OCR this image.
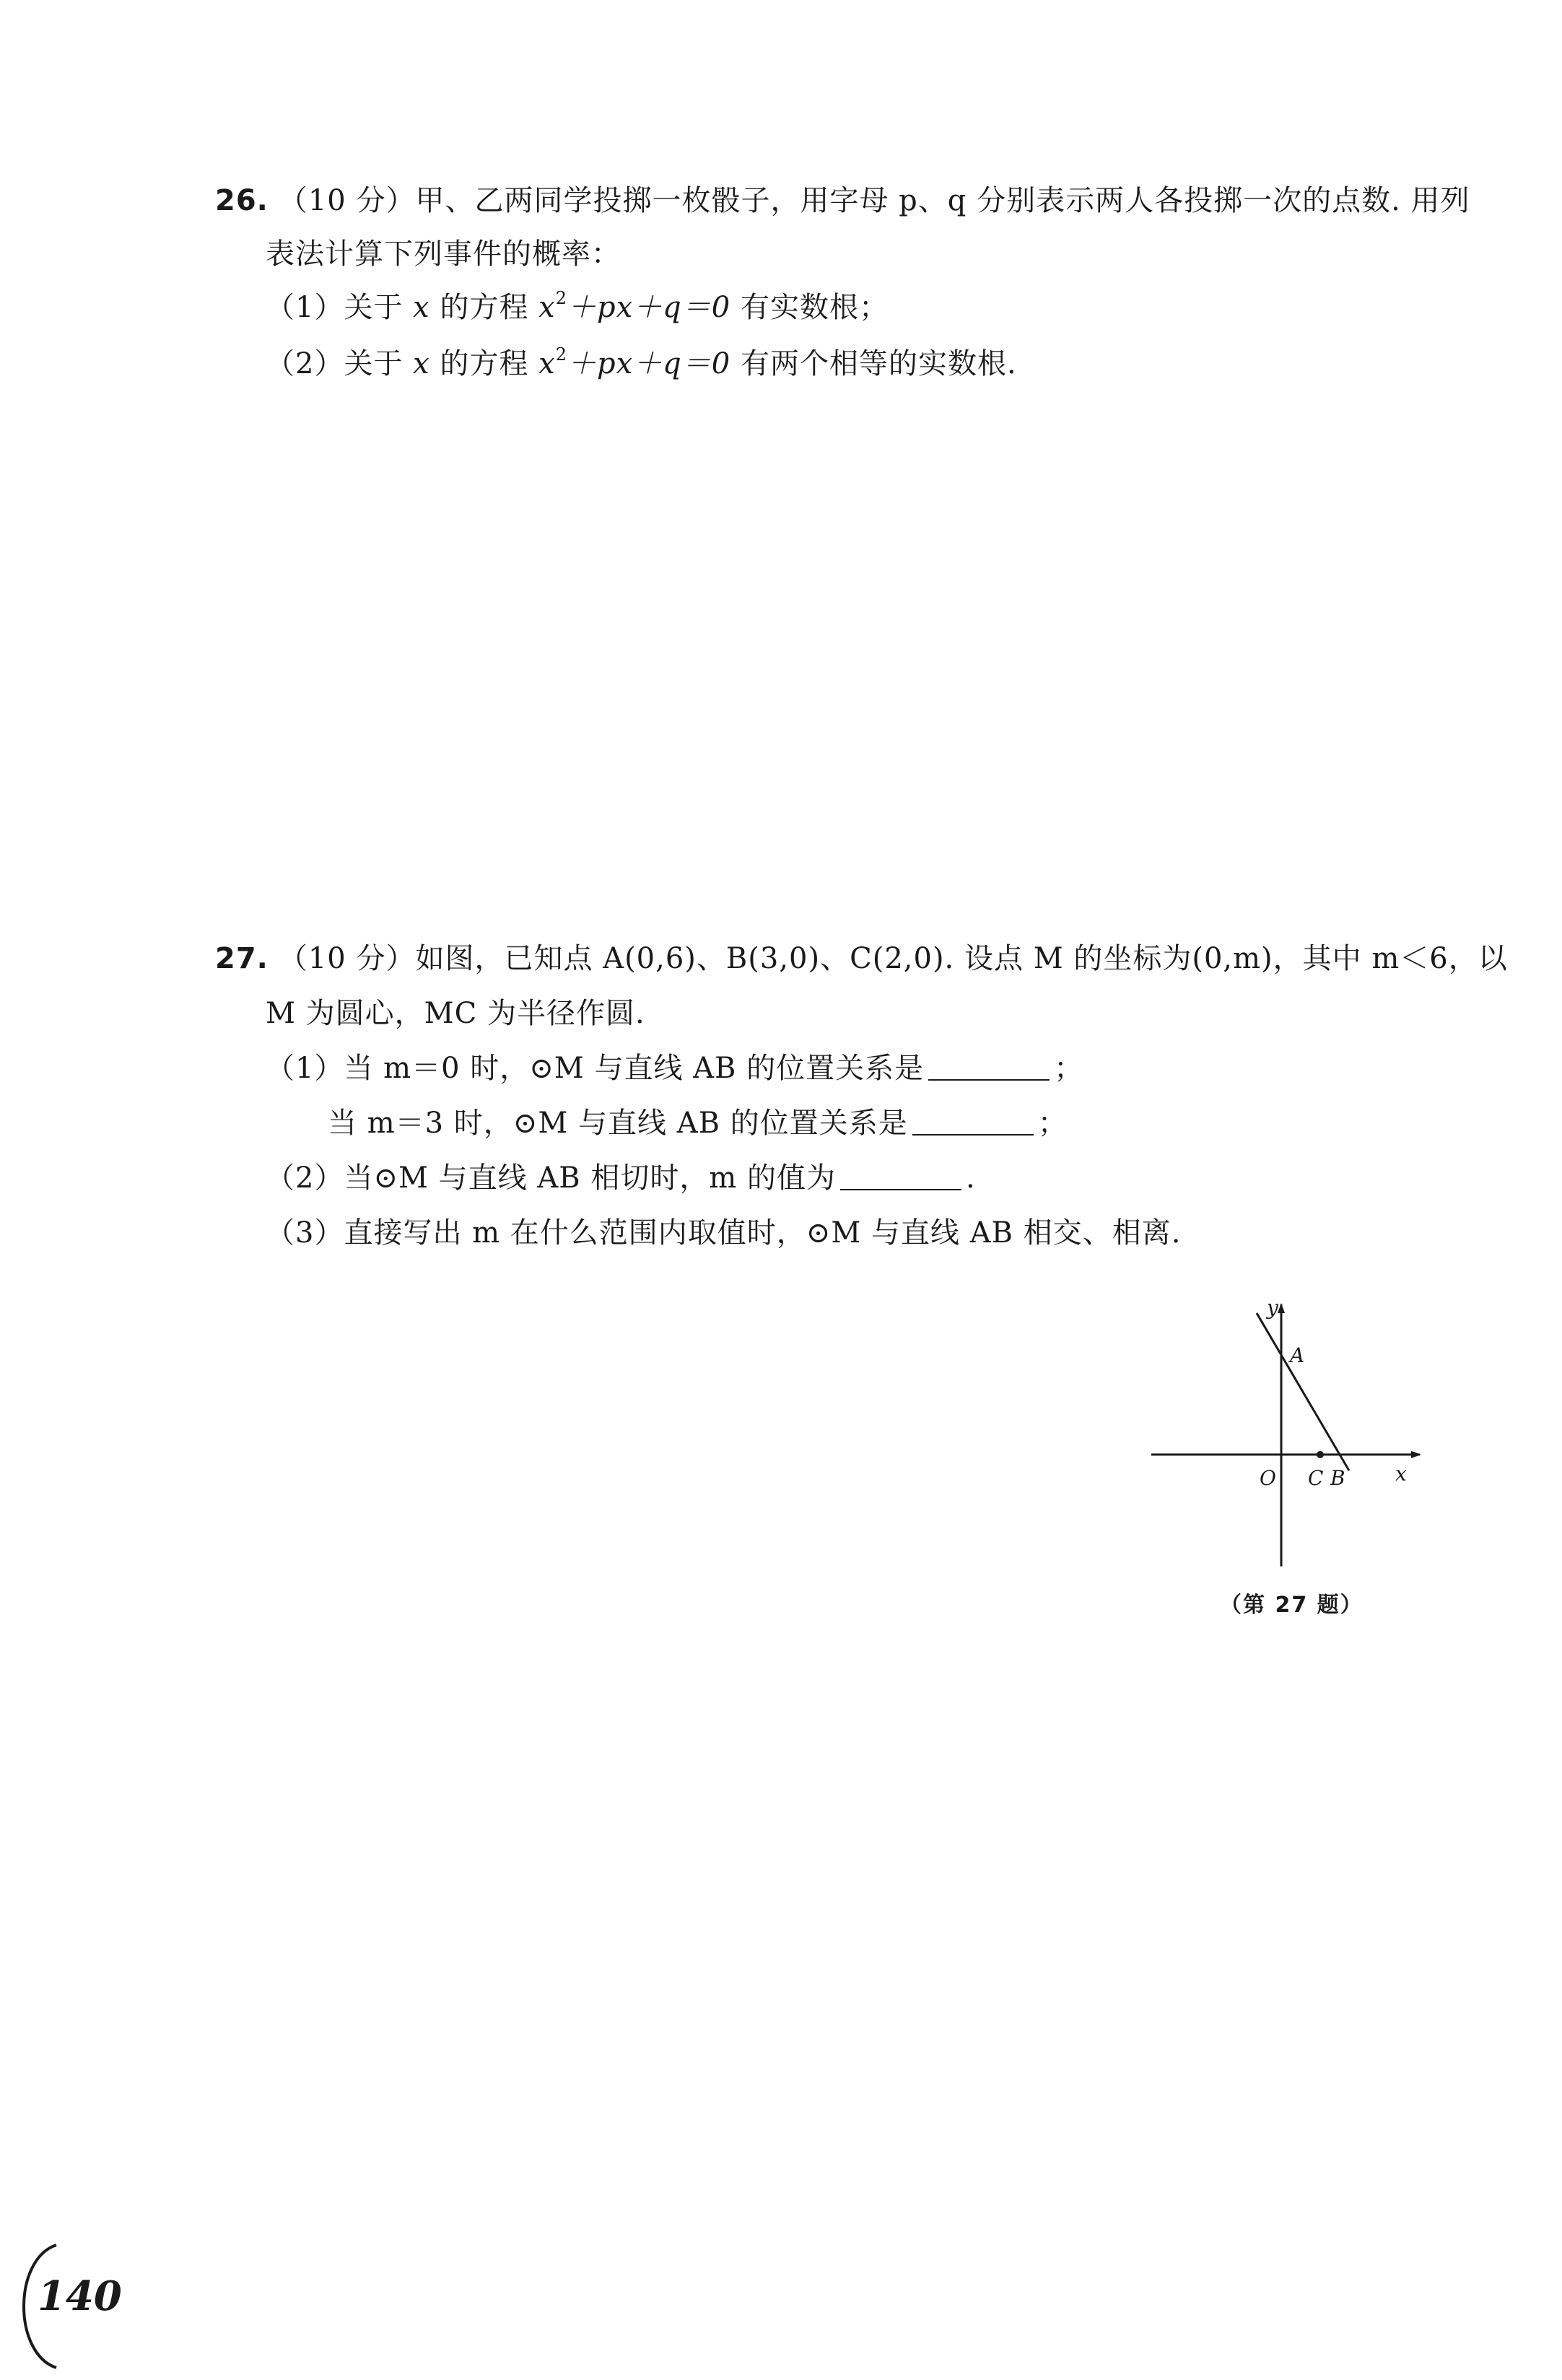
26. （10 分）甲、乙两同学投掷一枚骰子，用字母 p、q 分别表示两人各投掷一次的点数. 用列
表法计算下列事件的概率：
（1）关于 x 的方程 $x^2+px+q=0$ 有实数根；
（2）关于 x 的方程 $x^2+px+q=0$ 有两个相等的实数根.
27. （10 分）如图，已知点 A(0,6)、B(3,0)、C(2,0). 设点 M 的坐标为(0,m)，其中 m＜6，以
M 为圆心，MC 为半径作圆.
（1）当 m＝0 时，⊙M 与直线 AB 的位置关系是	；
当 m＝3 时，⊙M 与直线 AB 的位置关系是	；
（2）当⊙M 与直线 AB 相切时，m 的值为	.
（3）直接写出 m 在什么范围内取值时，⊙M 与直线 AB 相交、相离.
y
x
O
A
C B
（第 27 题）
140
